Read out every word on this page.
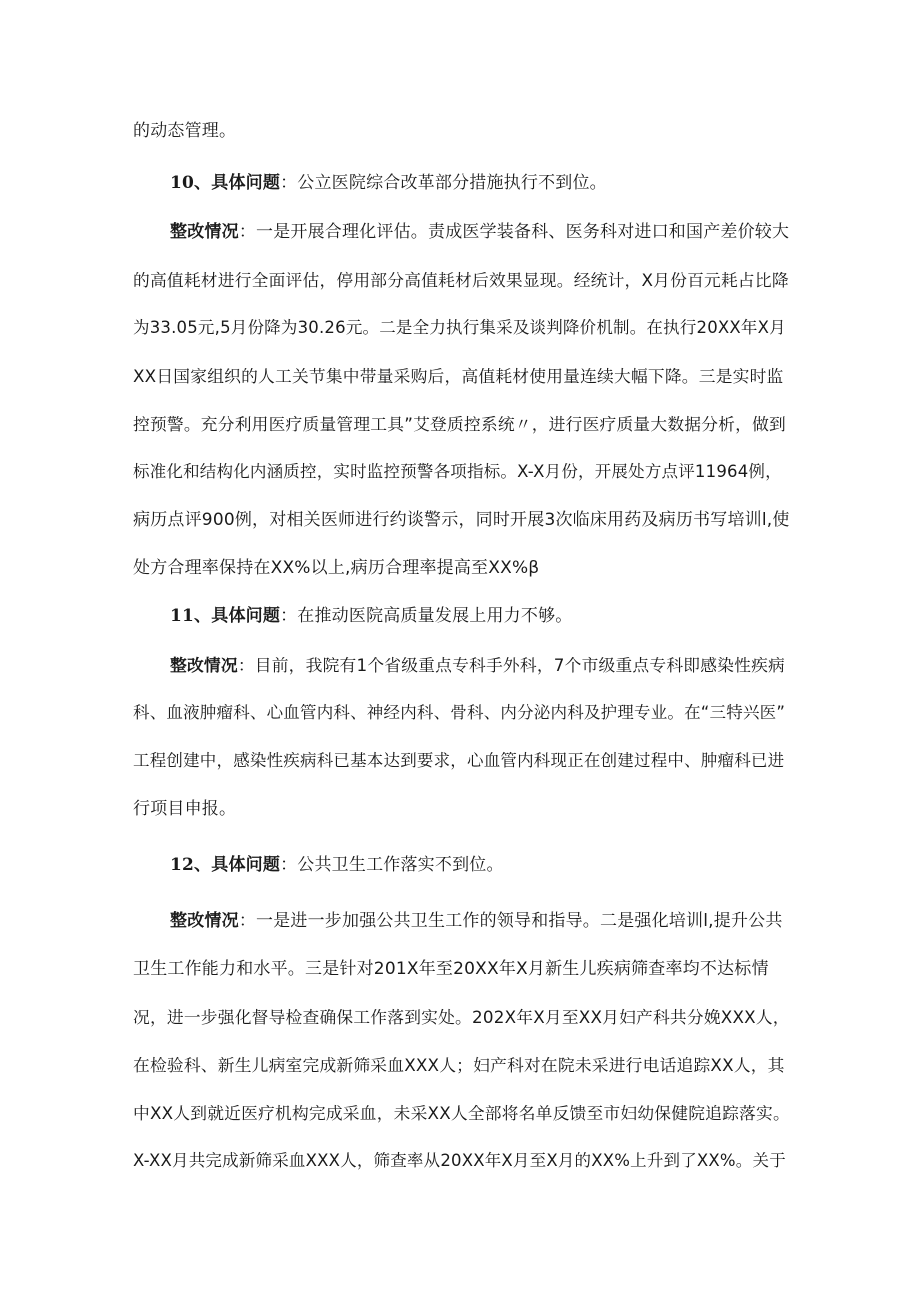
的动态管理。
10、具体问题：公立医院综合改革部分措施执行不到位。
整改情况：一是开展合理化评估。责成医学装备科、医务科对进口和国产差价较大
的高值耗材进行全面评估，停用部分高值耗材后效果显现。经统计，X月份百元耗占比降
为33.05元,5月份降为30.26元。二是全力执行集采及谈判降价机制。在执行20XX年X月
XX日国家组织的人工关节集中带量采购后，高值耗材使用量连续大幅下降。三是实时监
控预警。充分利用医疗质量管理工具”艾登质控系统〃，进行医疗质量大数据分析，做到
标准化和结构化内涵质控，实时监控预警各项指标。X-X月份，开展处方点评11964例，
病历点评900例，对相关医师进行约谈警示，同时开展3次临床用药及病历书写培训l,使
处方合理率保持在XX%以上,病历合理率提高至XX%β
11、具体问题：在推动医院高质量发展上用力不够。
整改情况：目前，我院有1个省级重点专科手外科，7个市级重点专科即感染性疾病
科、血液肿瘤科、心血管内科、神经内科、骨科、内分泌内科及护理专业。在“三特兴医”
工程创建中，感染性疾病科已基本达到要求，心血管内科现正在创建过程中、肿瘤科已进
行项目申报。
12、具体问题：公共卫生工作落实不到位。
整改情况：一是进一步加强公共卫生工作的领导和指导。二是强化培训l,提升公共
卫生工作能力和水平。三是针对201X年至20XX年X月新生儿疾病筛查率均不达标情
况，进一步强化督导检查确保工作落到实处。202X年X月至XX月妇产科共分娩XXX人，
在检验科、新生儿病室完成新筛采血XXX人；妇产科对在院未采进行电话追踪XX人，其
中XX人到就近医疗机构完成采血，未采XX人全部将名单反馈至市妇幼保健院追踪落实。
X-XX月共完成新筛采血XXX人，筛查率从20XX年X月至X月的XX%上升到了XX%。关于
